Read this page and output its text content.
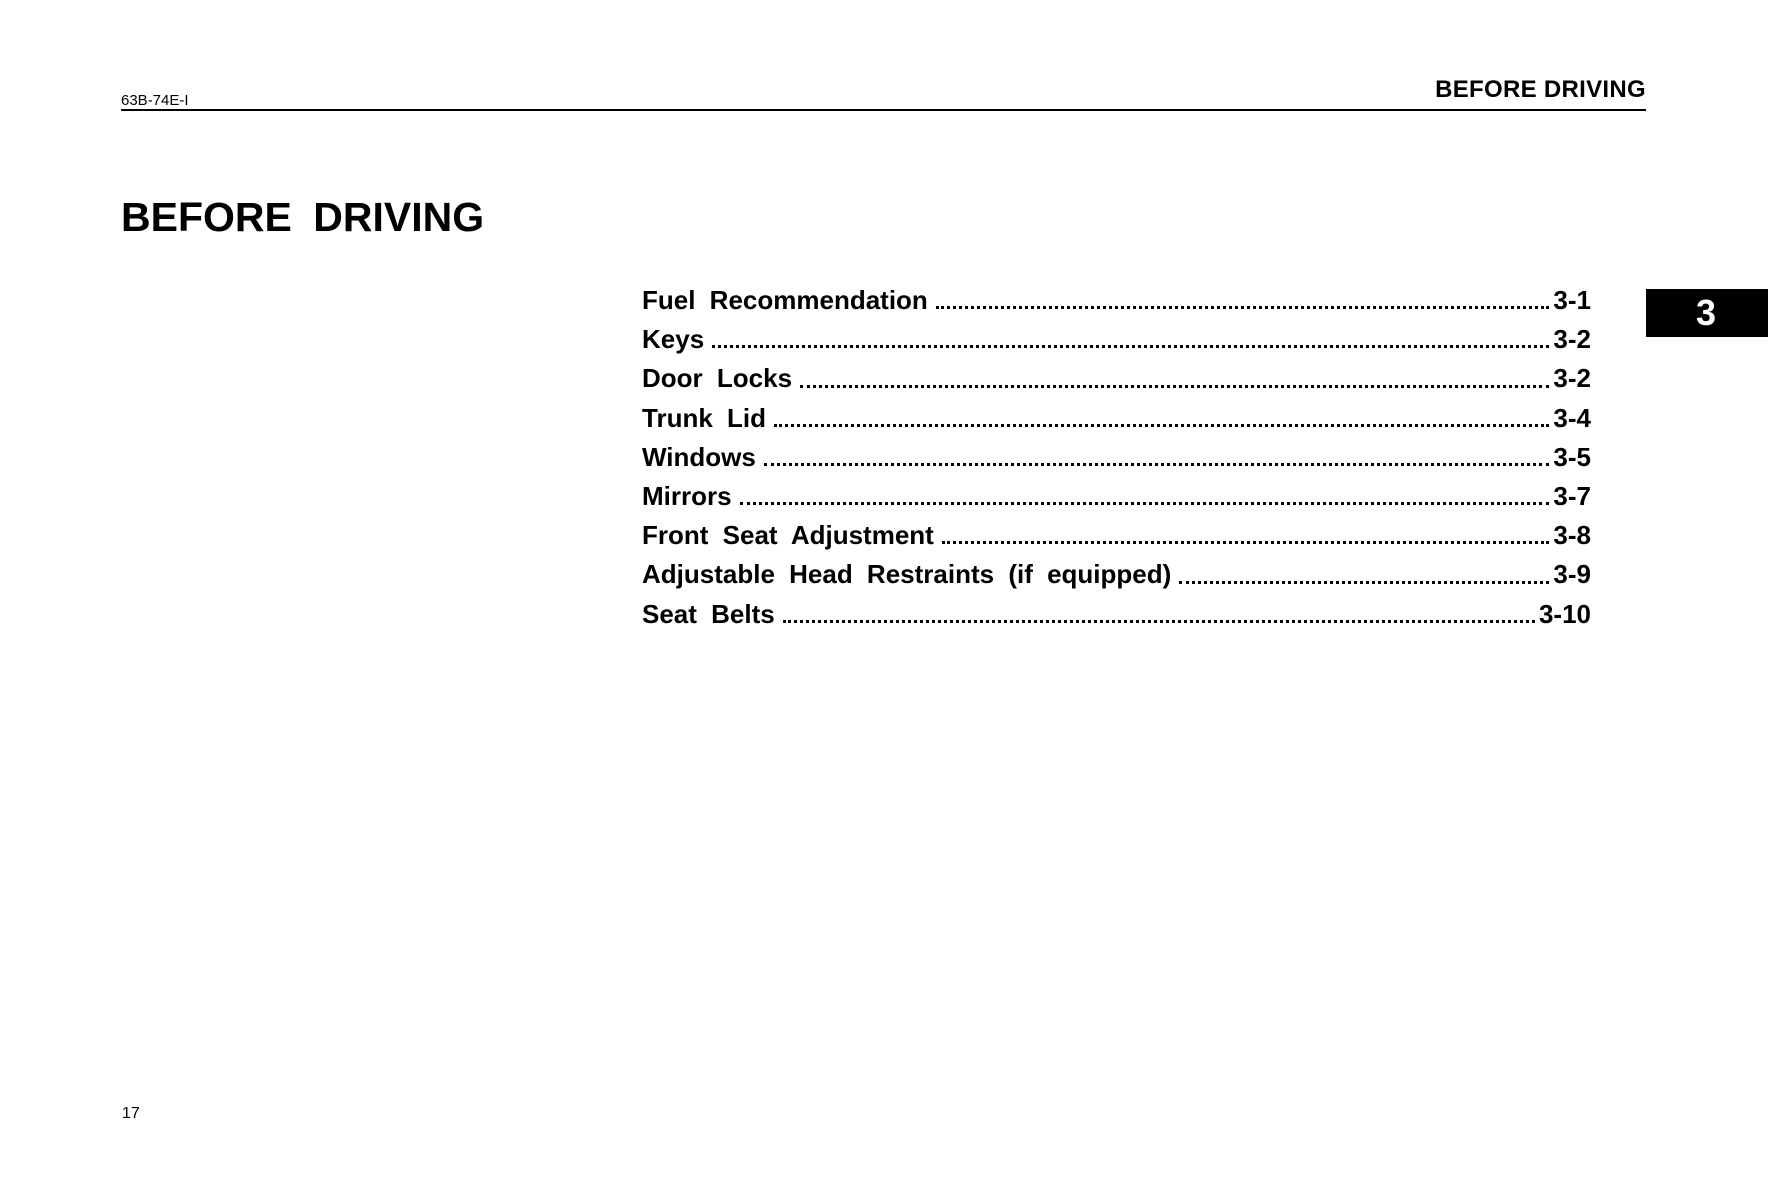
63B-74E-I	BEFORE DRIVING
BEFORE DRIVING
Fuel Recommendation	3-1
Keys	3-2
Door Locks	3-2
Trunk Lid	3-4
Windows	3-5
Mirrors	3-7
Front Seat Adjustment	3-8
Adjustable Head Restraints (if equipped)	3-9
Seat Belts	3-10
3
17
